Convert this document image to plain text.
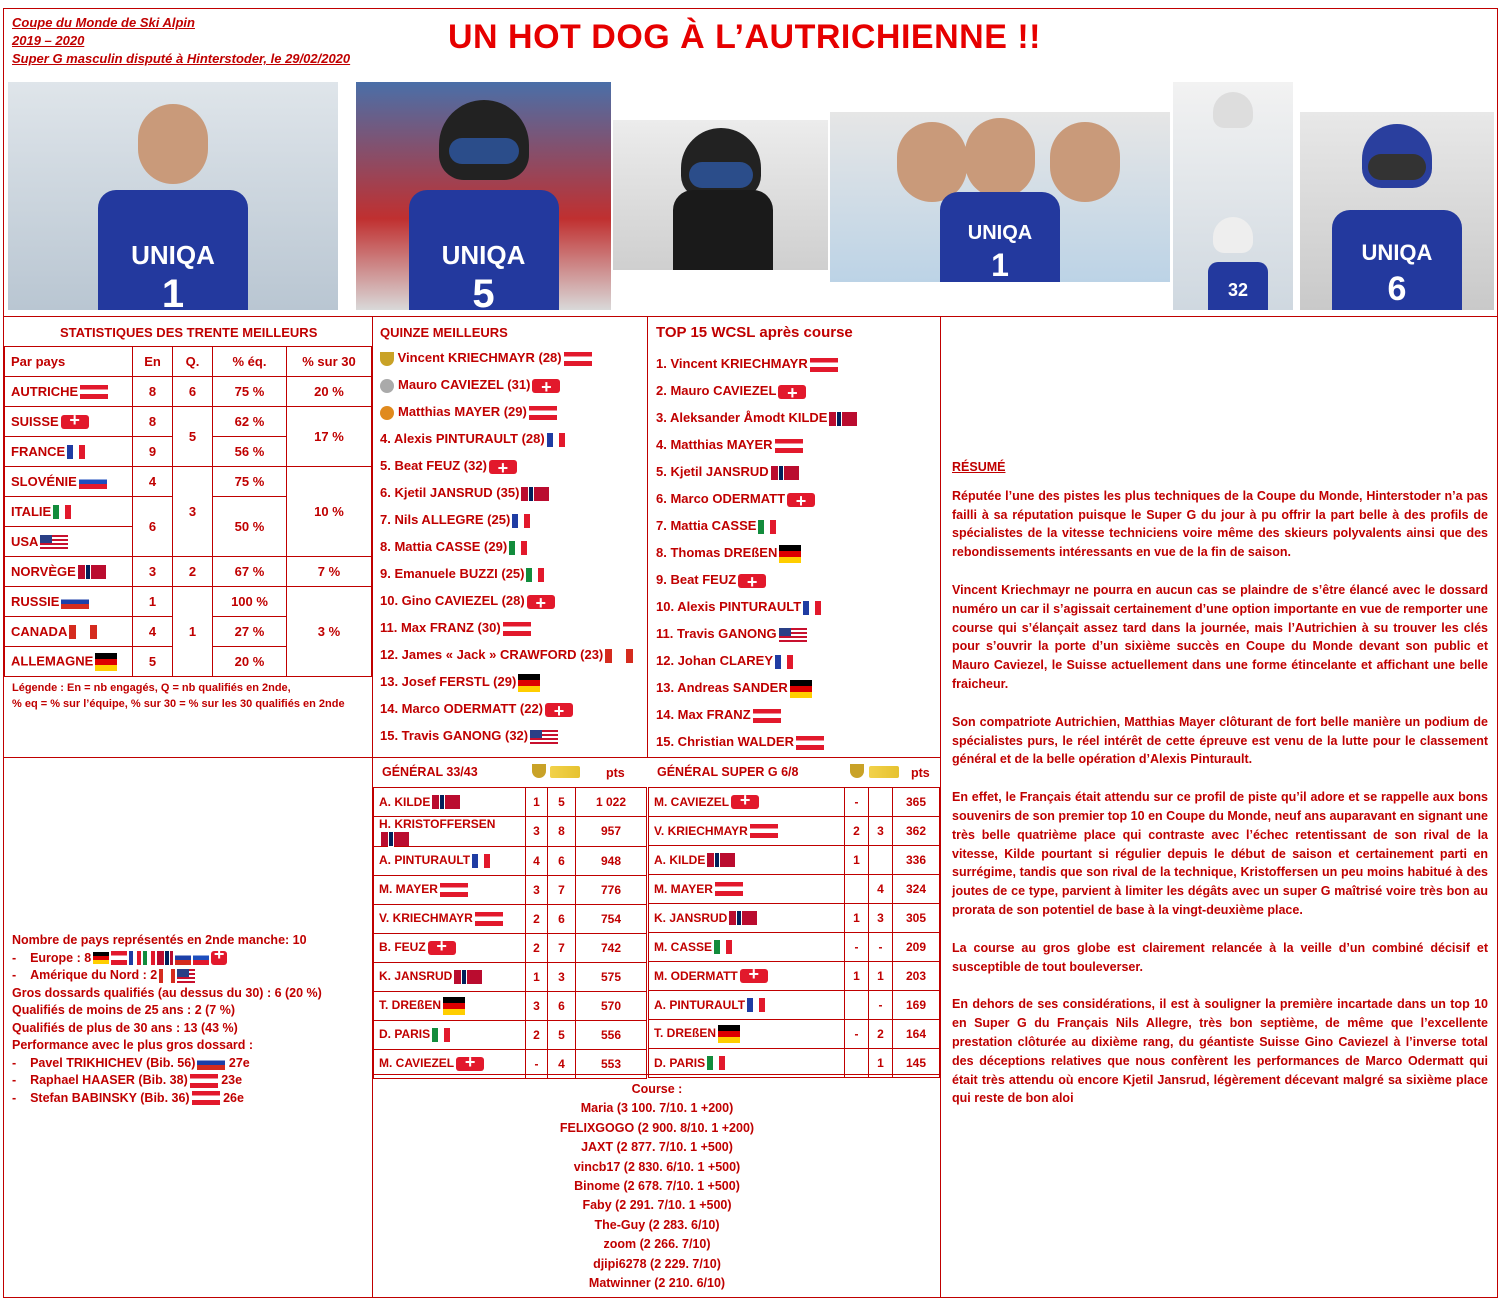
Coupe du Monde de Ski Alpin
2019 – 2020
Super G masculin disputé à Hinterstoder, le 29/02/2020
UN HOT DOG À L’AUTRICHIENNE !!
UNIQA
1
UNIQA
5
UNIQA
1
32
UNIQA
6
STATISTIQUES DES TRENTE MEILLEURS
Par pays	En	Q.	% éq.	% sur 30
AUTRICHE	8	6	75 %	20 %
SUISSE+	8	5	62 %	17 %
FRANCE	9		56 %	
SLOVÉNIE	4	3	75 %	10 %
ITALIE	6		50 %	
USA				
NORVÈGE	3	2	67 %	7 %
RUSSIE	1	1	100 %	3 %
CANADA	4		27 %	
ALLEMAGNE	5		20 %	
Légende : En = nb engagés, Q = nb qualifiés en 2nde,
% eq = % sur l’équipe, % sur 30 = % sur les 30 qualifiés en 2nde
QUINZE MEILLEURS
Vincent KRIECHMAYR (28)
Mauro CAVIEZEL (31)+
Matthias MAYER (29)
4. Alexis PINTURAULT (28)
5. Beat FEUZ (32)+
6. Kjetil JANSRUD (35)
7. Nils ALLEGRE (25)
8. Mattia CASSE (29)
9. Emanuele BUZZI (25)
10. Gino CAVIEZEL (28)+
11. Max FRANZ (30)
12. James « Jack » CRAWFORD (23)
13. Josef FERSTL (29)
14. Marco ODERMATT (22)+
15. Travis GANONG (32)
TOP 15 WCSL après course
1. Vincent KRIECHMAYR
2. Mauro CAVIEZEL+
3. Aleksander Åmodt KILDE
4. Matthias MAYER
5. Kjetil JANSRUD
6. Marco ODERMATT+
7. Mattia CASSE
8. Thomas DREßEN
9. Beat FEUZ+
10. Alexis PINTURAULT
11. Travis GANONG
12. Johan CLAREY
13. Andreas SANDER
14. Max FRANZ
15. Christian WALDER
GÉNÉRAL 33/43	pts
A. KILDE	1	5	1 022
H. KRISTOFFERSEN	3	8	957
A. PINTURAULT	4	6	948
M. MAYER	3	7	776
V. KRIECHMAYR	2	6	754
B. FEUZ+	2	7	742
K. JANSRUD	1	3	575
T. DREßEN	3	6	570
D. PARIS	2	5	556
M. CAVIEZEL+	-	4	553
GÉNÉRAL SUPER G 6/8	pts
M. CAVIEZEL+	-		365
V. KRIECHMAYR	2	3	362
A. KILDE	1		336
M. MAYER		4	324
K. JANSRUD	1	3	305
M. CASSE	-	-	209
M. ODERMATT+	1	1	203
A. PINTURAULT		-	169
T. DREßEN	-	2	164
D. PARIS		1	145
Course :
Maria (3 100. 7/10. 1 +200)
FELIXGOGO (2 900. 8/10. 1 +200)
JAXT (2 877. 7/10. 1 +500)
vincb17 (2 830. 6/10. 1 +500)
Binome (2 678. 7/10. 1 +500)
Faby (2 291. 7/10. 1 +500)
The-Guy (2 283. 6/10)
zoom (2 266. 7/10)
djipi6278 (2 229. 7/10)
Matwinner (2 210. 6/10)
Nombre de pays représentés en 2nde manche: 10
-    Europe : 8+
-    Amérique du Nord : 2
Gros dossards qualifiés (au dessus du 30) : 6 (20 %)
Qualifiés de moins de 25 ans : 2 (7 %)
Qualifiés de plus de 30 ans : 13 (43 %)
Performance avec le plus gros dossard :
-    Pavel TRIKHICHEV (Bib. 56)	27e
-    Raphael HAASER (Bib. 38)	23e
-    Stefan BABINSKY (Bib. 36)	26e

RÉSUMÉ

Réputée l’une des pistes les plus techniques de la Coupe du Monde, Hinterstoder n’a pas failli à sa réputation puisque le Super G du jour à pu offrir la part belle à des profils de spécialistes de la vitesse techniciens voire même des skieurs polyvalents ainsi que des rebondissements intéressants en vue de la fin de saison.

Vincent Kriechmayr ne pourra en aucun cas se plaindre de s’être élancé avec le dossard numéro un car il s’agissait certainement d’une option importante en vue de remporter une course qui s’élançait assez tard dans la journée, mais l’Autrichien à su trouver les clés pour s’ouvrir la porte d’un sixième succès en Coupe du Monde devant son public et Mauro Caviezel, le Suisse actuellement dans une forme étincelante et affichant une belle fraicheur.

Son compatriote Autrichien, Matthias Mayer clôturant de fort belle manière un podium de spécialistes purs, le réel intérêt de cette épreuve est venu de la lutte pour le classement général et de la belle opération d’Alexis Pinturault.

En effet, le Français était attendu sur ce profil de piste qu’il adore et se rappelle aux bons souvenirs de son premier top 10 en Coupe du Monde, neuf ans auparavant en signant une très belle quatrième place qui contraste avec l’échec retentissant de son rival de la vitesse, Kilde pourtant si régulier depuis le début de saison et certainement parti en surrégime, tandis que son rival de la technique, Kristoffersen un peu moins habitué à des joutes de ce type, parvient à limiter les dégâts avec un super G maîtrisé voire très bon au prorata de son potentiel de base à la vingt-deuxième place.

La course au gros globe est clairement relancée à la veille d’un combiné décisif et susceptible de tout bouleverser.

En dehors de ses considérations, il est à souligner la première incartade dans un top 10 en Super G du Français Nils Allegre, très bon septième, de même que l’excellente prestation clôturée au dixième rang, du géantiste Suisse Gino Caviezel à l’inverse total des déceptions relatives que nous confèrent les performances de Marco Odermatt qui était très attendu où encore Kjetil Jansrud, légèrement décevant malgré sa sixième place qui reste de bon aloi
